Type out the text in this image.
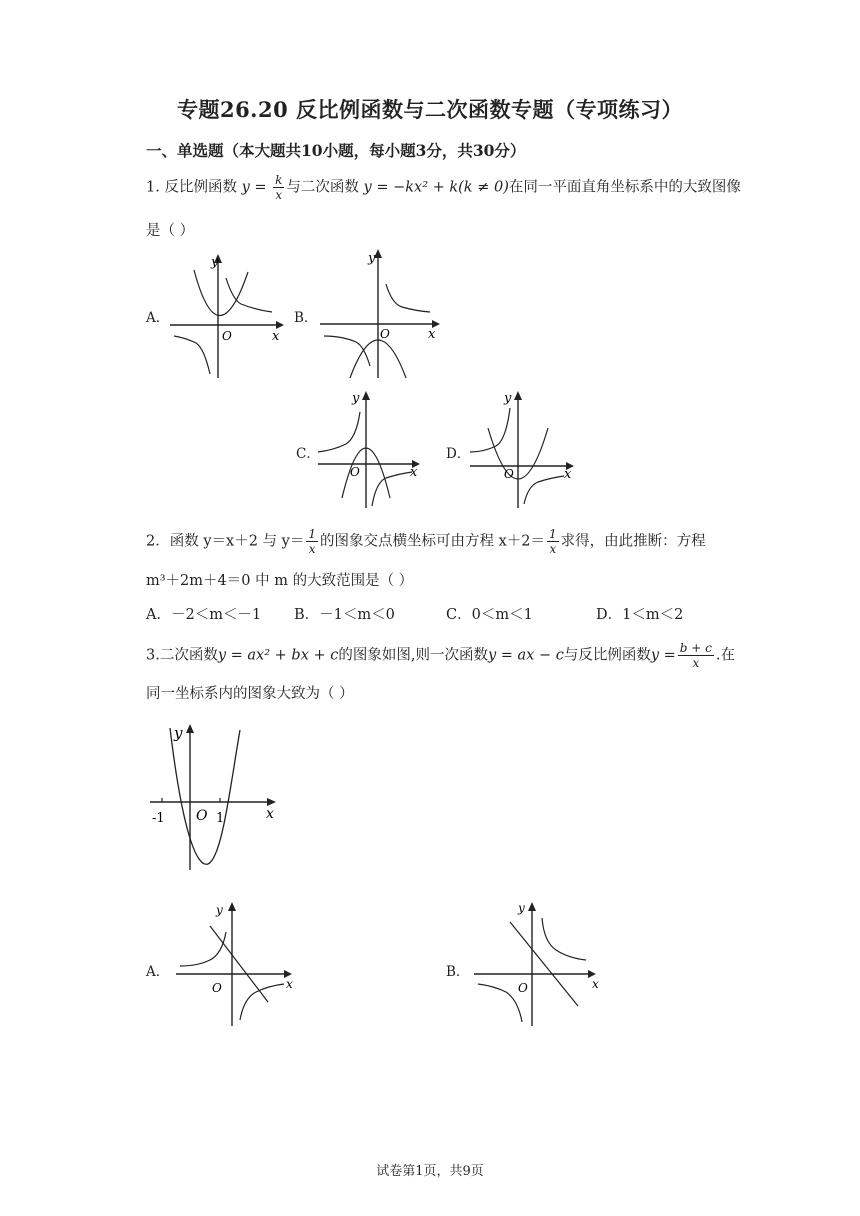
专题26.20 反比例函数与二次函数专题（专项练习）
一、单选题（本大题共10小题，每小题3分，共30分）
1. 反比例函数 $y = \frac{k}{x}$ 与二次函数 y = −kx² + k(k ≠ 0)在同一平面直角坐标系中的大致图像
是（ ）
A．
y
x
O
B．
y
x
O
C．
y
x
O
D．
y
x
O
2．函数 y＝x＋2 与 $y= \frac{1}{x}$ 的图象交点横坐标可由方程 $x+2= \frac{1}{x}$ 求得，由此推断：方程
m³＋2m＋4＝0 中 m 的大致范围是（ ）
A．－2＜m＜－1 B．－1＜m＜0	C．0＜m＜1	D．1＜m＜2
3.二次函数y = ax² + bx + c的图象如图,则一次函数y = ax − c与反比例函数$y = \frac{b + c}{x}$ .在
同一坐标系内的图象大致为（ ）
y
x
-1 O 1
A．
y
x
O
B．
y
x
O
试卷第1页，共9页
